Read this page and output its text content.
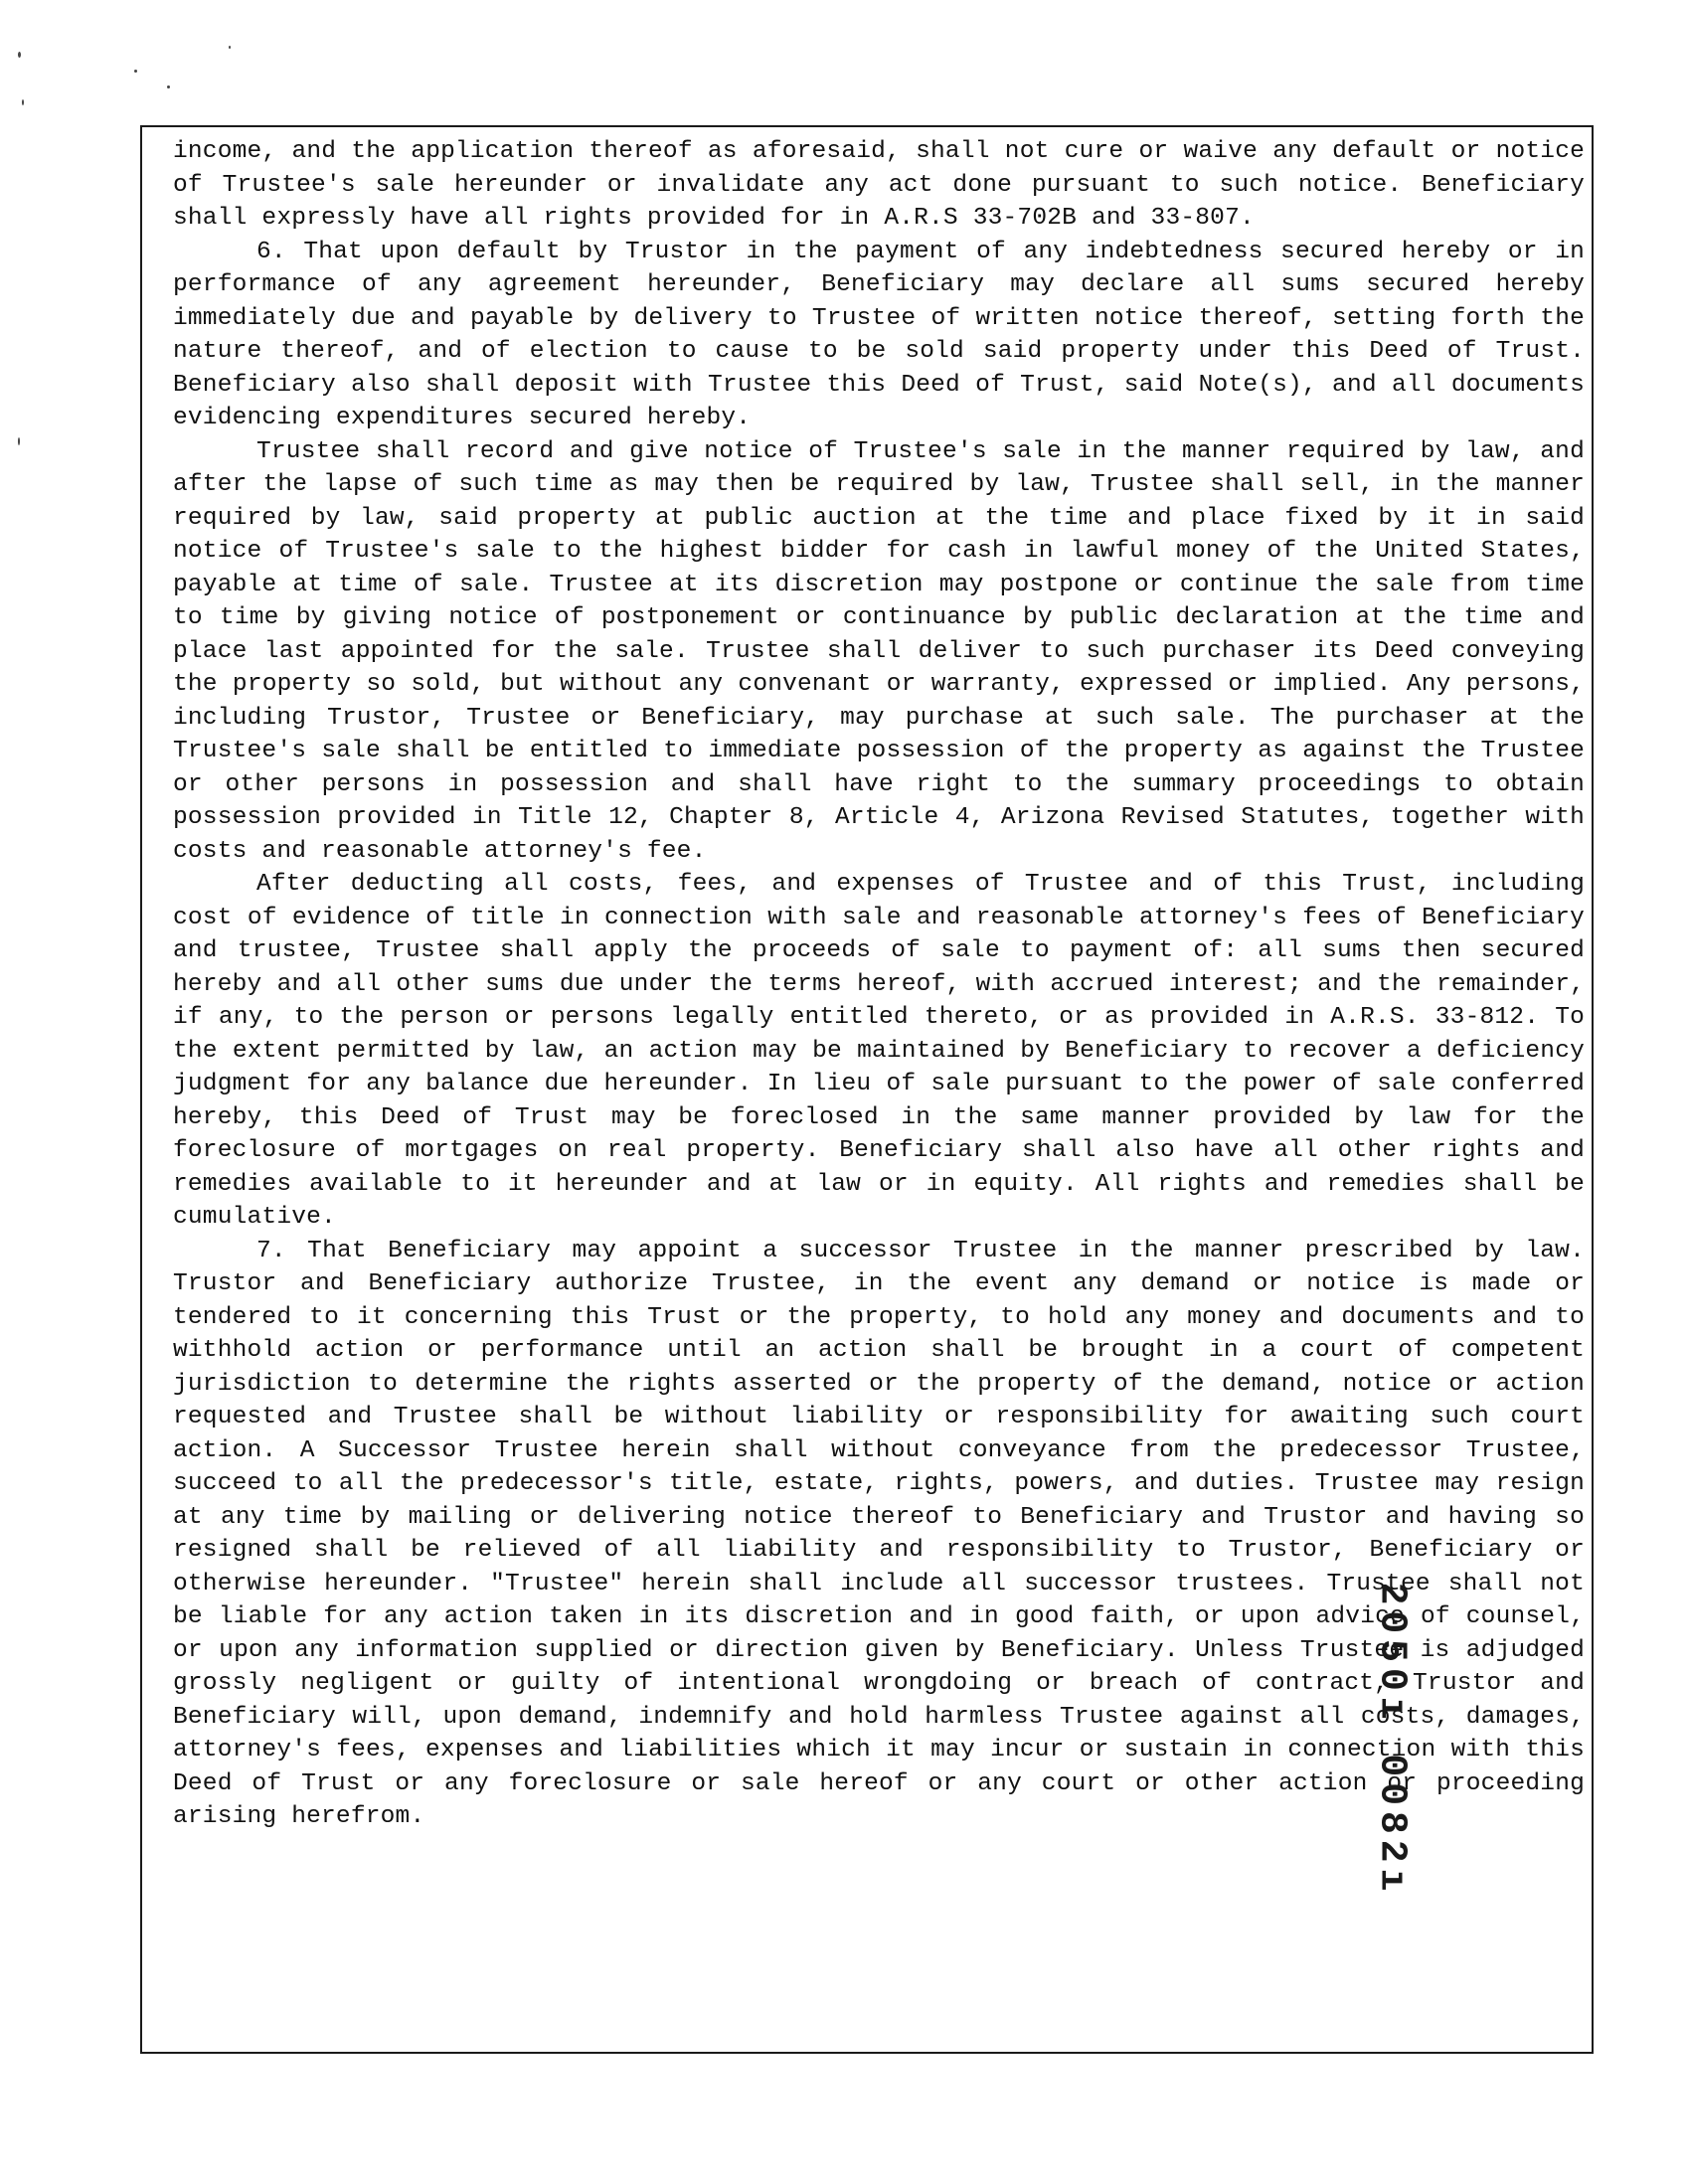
income, and the application thereof as aforesaid, shall not cure or waive any default or notice of Trustee's sale hereunder or invalidate any act done pursuant to such notice. Beneficiary shall expressly have all rights provided for in A.R.S 33-702B and 33-807.

6. That upon default by Trustor in the payment of any indebtedness secured hereby or in performance of any agreement hereunder, Beneficiary may declare all sums secured hereby immediately due and payable by delivery to Trustee of written notice thereof, setting forth the nature thereof, and of election to cause to be sold said property under this Deed of Trust. Beneficiary also shall deposit with Trustee this Deed of Trust, said Note(s), and all documents evidencing expenditures secured hereby.

Trustee shall record and give notice of Trustee's sale in the manner required by law, and after the lapse of such time as may then be required by law, Trustee shall sell, in the manner required by law, said property at public auction at the time and place fixed by it in said notice of Trustee's sale to the highest bidder for cash in lawful money of the United States, payable at time of sale. Trustee at its discretion may postpone or continue the sale from time to time by giving notice of postponement or continuance by public declaration at the time and place last appointed for the sale. Trustee shall deliver to such purchaser its Deed conveying the property so sold, but without any convenant or warranty, expressed or implied. Any persons, including Trustor, Trustee or Beneficiary, may purchase at such sale. The purchaser at the Trustee's sale shall be entitled to immediate possession of the property as against the Trustee or other persons in possession and shall have right to the summary proceedings to obtain possession provided in Title 12, Chapter 8, Article 4, Arizona Revised Statutes, together with costs and reasonable attorney's fee.

After deducting all costs, fees, and expenses of Trustee and of this Trust, including cost of evidence of title in connection with sale and reasonable attorney's fees of Beneficiary and trustee, Trustee shall apply the proceeds of sale to payment of: all sums then secured hereby and all other sums due under the terms hereof, with accrued interest; and the remainder, if any, to the person or persons legally entitled thereto, or as provided in A.R.S. 33-812. To the extent permitted by law, an action may be maintained by Beneficiary to recover a deficiency judgment for any balance due hereunder. In lieu of sale pursuant to the power of sale conferred hereby, this Deed of Trust may be foreclosed in the same manner provided by law for the foreclosure of mortgages on real property. Beneficiary shall also have all other rights and remedies available to it hereunder and at law or in equity. All rights and remedies shall be cumulative.

7. That Beneficiary may appoint a successor Trustee in the manner prescribed by law. Trustor and Beneficiary authorize Trustee, in the event any demand or notice is made or tendered to it concerning this Trust or the property, to hold any money and documents and to withhold action or performance until an action shall be brought in a court of competent jurisdiction to determine the rights asserted or the property of the demand, notice or action requested and Trustee shall be without liability or responsibility for awaiting such court action. A Successor Trustee herein shall without conveyance from the predecessor Trustee, succeed to all the predecessor's title, estate, rights, powers, and duties. Trustee may resign at any time by mailing or delivering notice thereof to Beneficiary and Trustor and having so resigned shall be relieved of all liability and responsibility to Trustor, Beneficiary or otherwise hereunder. "Trustee" herein shall include all successor trustees. Trustee shall not be liable for any action taken in its discretion and in good faith, or upon advice of counsel, or upon any information supplied or direction given by Beneficiary. Unless Trustee is adjudged grossly negligent or guilty of intentional wrongdoing or breach of contract, Trustor and Beneficiary will, upon demand, indemnify and hold harmless Trustee against all costs, damages, attorney's fees, expenses and liabilities which it may incur or sustain in connection with this Deed of Trust or any foreclosure or sale hereof or any court or other action or proceeding arising herefrom.	2050ı 0082ı
